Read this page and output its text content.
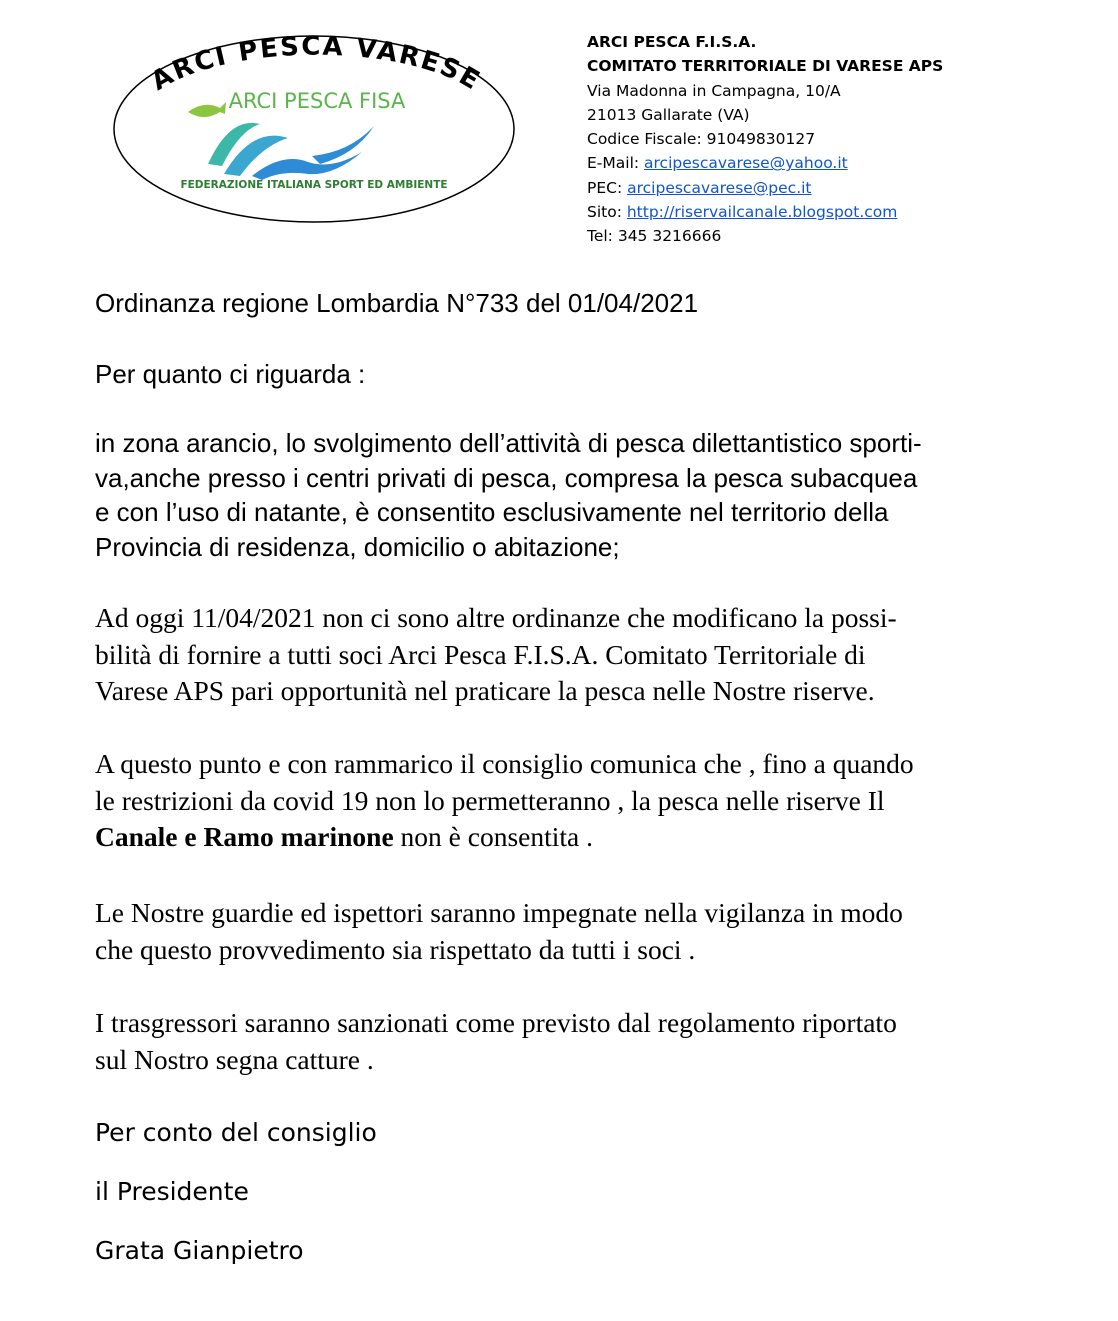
ARCI PESCA VARESE
ARCI PESCA FISA
FEDERAZIONE ITALIANA SPORT ED AMBIENTE
ARCI PESCA F.I.S.A.
COMITATO TERRITORIALE DI VARESE APS
Via Madonna in Campagna, 10/A
21013 Gallarate (VA)
Codice Fiscale: 91049830127
E-Mail: arcipescavarese@yahoo.it
PEC: arcipescavarese@pec.it
Sito: http://riservailcanale.blogspot.com
Tel: 345 3216666

Ordinanza regione Lombardia N°733 del 01/04/2021

Per quanto ci riguarda :

in zona arancio, lo svolgimento dell’attività di pesca dilettantistico sporti-
va,anche presso i centri privati di pesca, compresa la pesca subacquea
e con l’uso di natante, è consentito esclusivamente nel territorio della
Provincia di residenza, domicilio o abitazione;

Ad oggi 11/04/2021 non ci sono altre ordinanze che modificano la possi-
bilità di fornire a tutti soci Arci Pesca F.I.S.A. Comitato Territoriale di
Varese APS pari opportunità nel praticare la pesca nelle Nostre riserve.

A questo punto e con rammarico il consiglio comunica che , fino a quando
le restrizioni da covid 19 non lo permetteranno , la pesca nelle riserve Il
Canale e Ramo marinone non è consentita .

Le Nostre guardie ed ispettori saranno impegnate nella vigilanza in modo
che questo provvedimento sia rispettato da tutti i soci .

I trasgressori saranno sanzionati come previsto dal regolamento riportato
sul Nostro segna catture .

Per conto del consiglio

il Presidente

Grata Gianpietro
